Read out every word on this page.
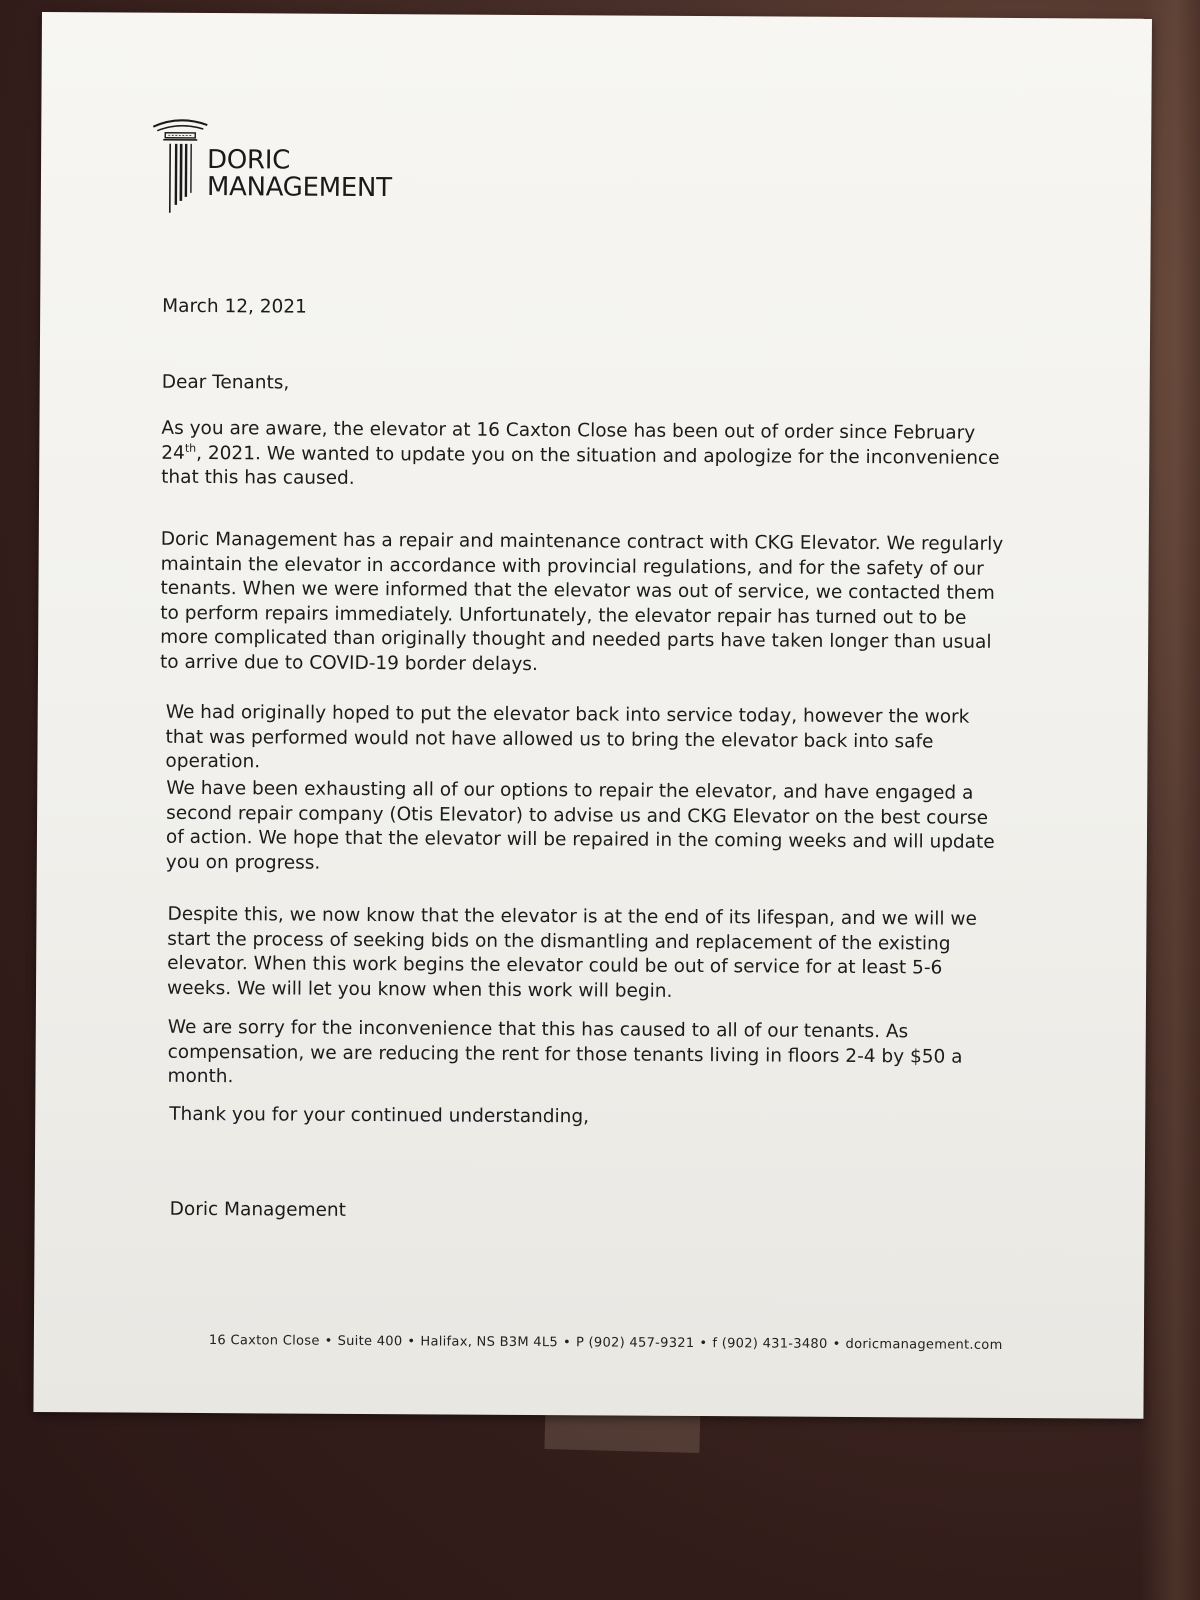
DORIC
MANAGEMENT
March 12, 2021
Dear Tenants,

As you are aware, the elevator at 16 Caxton Close has been out of order since February 24th, 2021. We wanted to update you on the situation and apologize for the inconvenience that this has caused.

Doric Management has a repair and maintenance contract with CKG Elevator. We regularly maintain the elevator in accordance with provincial regulations, and for the safety of our tenants. When we were informed that the elevator was out of service, we contacted them to perform repairs immediately. Unfortunately, the elevator repair has turned out to be more complicated than originally thought and needed parts have taken longer than usual to arrive due to COVID-19 border delays.

We had originally hoped to put the elevator back into service today, however the work that was performed would not have allowed us to bring the elevator back into safe operation.

We have been exhausting all of our options to repair the elevator, and have engaged a second repair company (Otis Elevator) to advise us and CKG Elevator on the best course of action. We hope that the elevator will be repaired in the coming weeks and will update you on progress.

Despite this, we now know that the elevator is at the end of its lifespan, and we will we start the process of seeking bids on the dismantling and replacement of the existing elevator. When this work begins the elevator could be out of service for at least 5-6 weeks. We will let you know when this work will begin.

We are sorry for the inconvenience that this has caused to all of our tenants. As compensation, we are reducing the rent for those tenants living in floors 2-4 by $50 a month.

Thank you for your continued understanding,
Doric Management
16 Caxton Close • Suite 400 • Halifax, NS B3M 4L5 • P (902) 457-9321 • f (902) 431-3480 • doricmanagement.com
